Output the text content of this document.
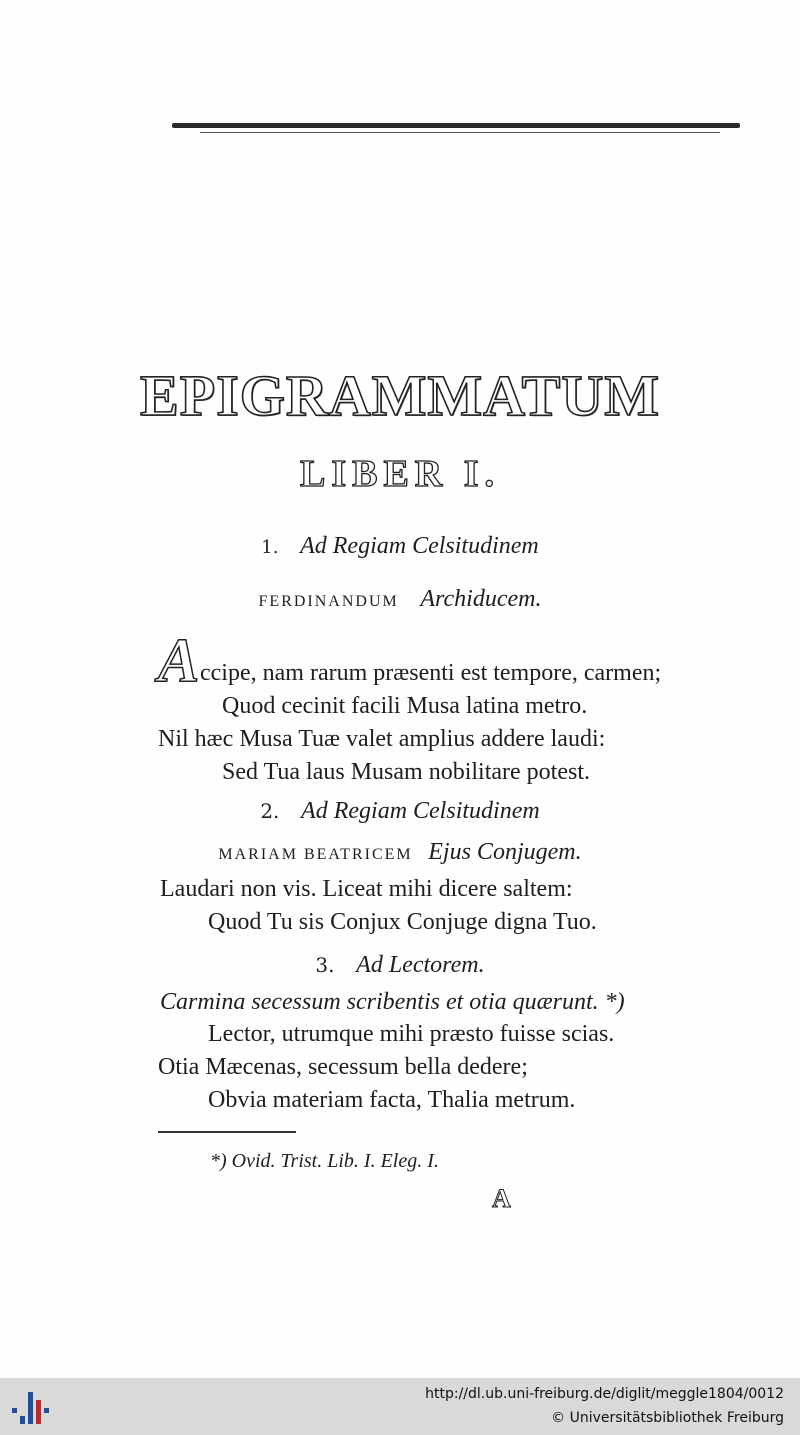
EPIGRAMMATUM
LIBER I.
1. Ad Regiam Celsitudinem
FERDINANDUM Archiducem.
A ccipe, nam rarum præsenti est tempore, carmen;
Quod cecinit facili Musa latina metro.
Nil hæc Musa Tuæ valet amplius addere laudi:
Sed Tua laus Musam nobilitare potest.
2. Ad Regiam Celsitudinem
MARIAM BEATRICEM Ejus Conjugem.
Laudari non vis. Liceat mihi dicere saltem:
Quod Tu sis Conjux Conjuge digna Tuo.
3. Ad Lectorem.
Carmina secessum scribentis et otia quærunt. *)
Lector, utrumque mihi præsto fuisse scias.
Otia Mæcenas, secessum bella dedere;
Obvia materiam facta, Thalia metrum.
*) Ovid. Trist. Lib. I. Eleg. I.
A
http://dl.ub.uni-freiburg.de/diglit/meggle1804/0012
© Universitätsbibliothek Freiburg
